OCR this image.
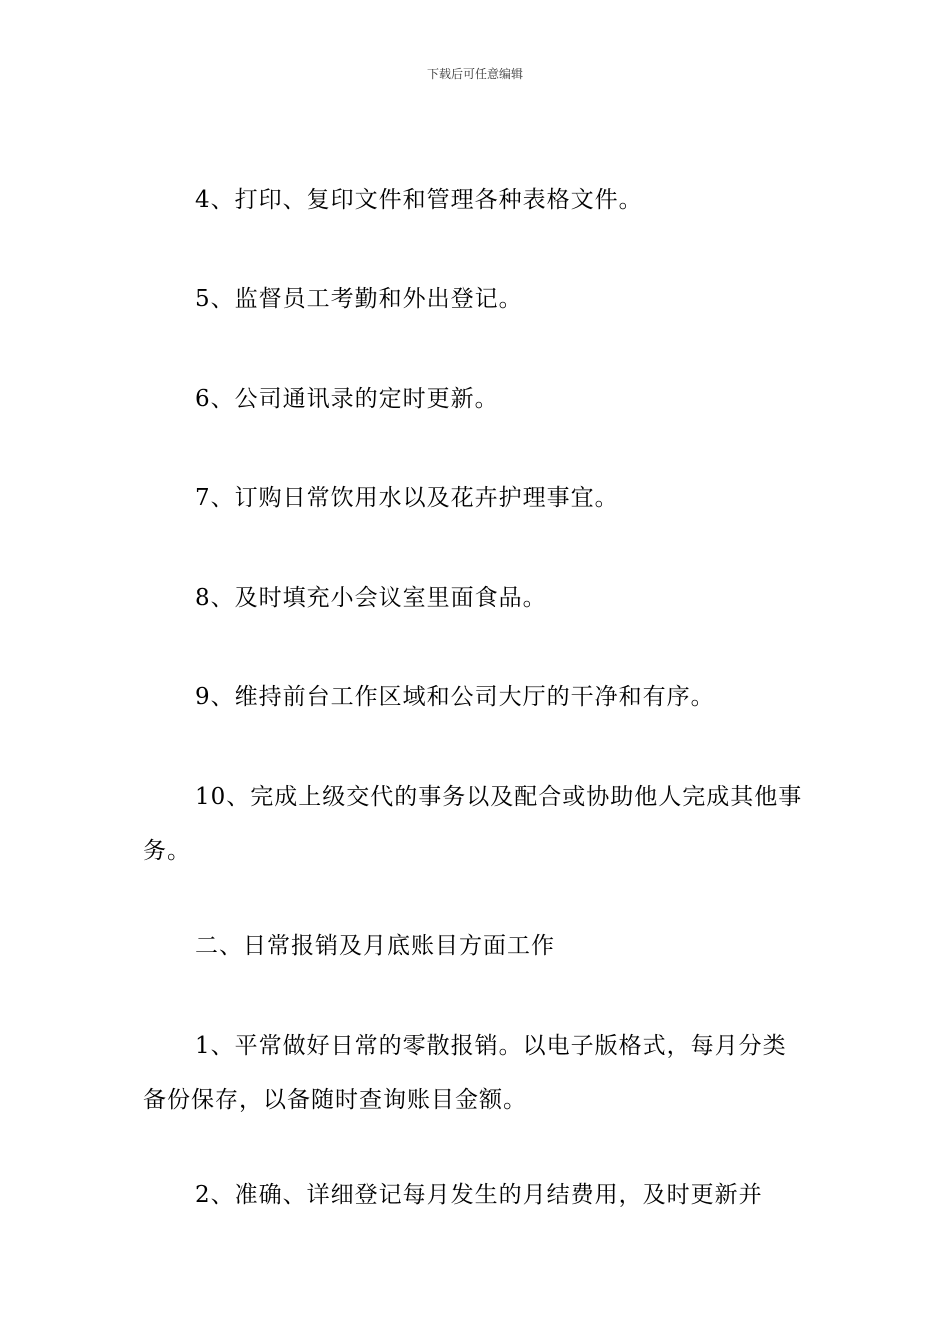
下载后可任意编辑

4、打印、复印文件和管理各种表格文件。

5、监督员工考勤和外出登记。

6、公司通讯录的定时更新。

7、订购日常饮用水以及花卉护理事宜。

8、及时填充小会议室里面食品。

9、维持前台工作区域和公司大厅的干净和有序。

10、完成上级交代的事务以及配合或协助他人完成其他事务。

二、日常报销及月底账目方面工作

1、平常做好日常的零散报销。以电子版格式，每月分类备份保存，以备随时查询账目金额。

2、准确、详细登记每月发生的月结费用，及时更新并
